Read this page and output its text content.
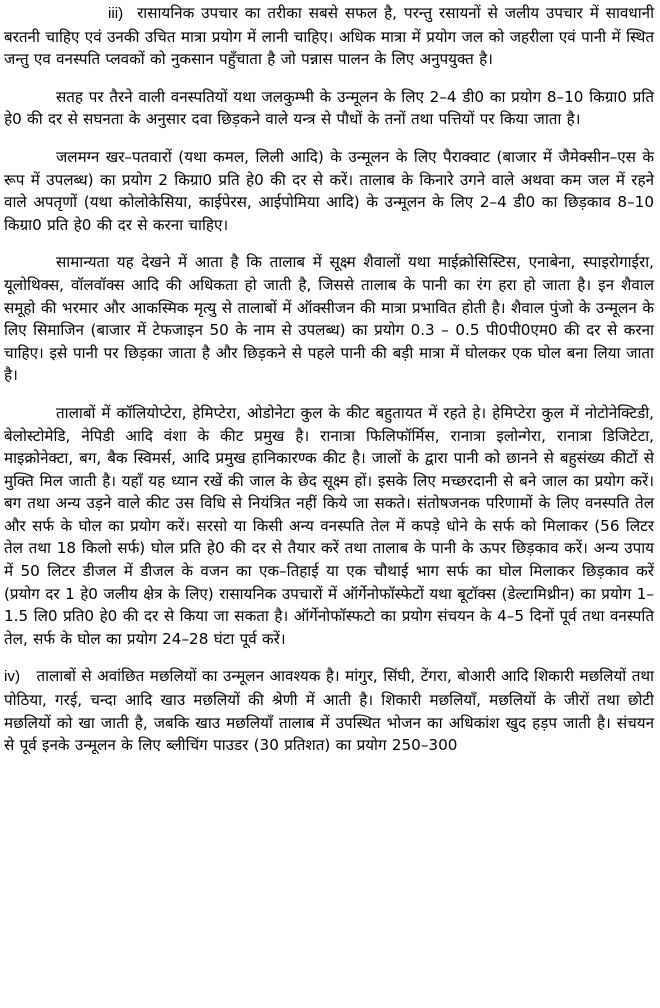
iii) रासायनिक उपचार का तरीका सबसे सफल है, परन्तु रसायनों से जलीय उपचार में सावधानी बरतनी चाहिए एवं उनकी उचित मात्रा प्रयोग में लानी चाहिए। अधिक मात्रा में प्रयोग जल को जहरीला एवं पानी में स्थित जन्तु एव वनस्पति प्लवकों को नुकसान पहुँचाता है जो पन्नास पालन के लिए अनुपयुक्त है।

सतह पर तैरने वाली वनस्पतियों यथा जलकुम्भी के उन्मूलन के लिए 2–4 डी0 का प्रयोग 8–10 किग्रा0 प्रति हे0 की दर से सघनता के अनुसार दवा छिड़कने वाले यन्त्र से पौधों के तनों तथा पत्तियों पर किया जाता है।

जलमग्न खर–पतवारों (यथा कमल, लिली आदि) के उन्मूलन के लिए पैराक्वाट (बाजार में जैमेक्सीन–एस के रूप में उपलब्ध) का प्रयोग 2 किग्रा0 प्रति हे0 की दर से करें। तालाब के किनारे उगने वाले अथवा कम जल में रहने वाले अपतृणों (यथा कोलोकेसिया, काईपेरस, आईपोमिया आदि) के उन्मूलन के लिए 2–4 डी0 का छिड़काव 8–10 किग्रा0 प्रति हे0 की दर से करना चाहिए।

सामान्यता यह देखने में आता है कि तालाब में सूक्ष्म शैवालों यथा माईक्रोसिस्टिस, एनाबेना, स्पाइरोगाईरा, यूलोथिक्स, वॉलवॉक्स आदि की अधिकता हो जाती है, जिससे तालाब के पानी का रंग हरा हो जाता है। इन शैवाल समूहो की भरमार और आकस्मिक मृत्यु से तालाबों में ऑक्सीजन की मात्रा प्रभावित होती है। शैवाल पुंजो के उन्मूलन के लिए सिमाजिन (बाजार में टेफजाइन 50 के नाम से उपलब्ध) का प्रयोग 0.3 – 0.5 पी0पी0एम0 की दर से करना चाहिए। इसे पानी पर छिड़का जाता है और छिड़कने से पहले पानी की बड़ी मात्रा में घोलकर एक घोल बना लिया जाता है।

तालाबों में कॉलियोप्टेरा, हेमिप्टेरा, ओडोनेटा कुल के कीट बहुतायत में रहते हे। हेमिप्टेरा कुल में नोटोनेक्टिडी, बेलोस्टोमेडि, नेपिडी आदि वंशा के कीट प्रमुख है। रानात्रा फिलिफॉर्मिस, रानात्रा इलोन्गेरा, रानात्रा डिजिटेटा, माइक्रोनेक्टा, बग, बैक स्विमर्स, आदि प्रमुख हानिकारण्क कीट है। जालों के द्वारा पानी को छानने से बहुसंख्य कीटों से मुक्ति मिल जाती है। यहाँ यह ध्यान रखें की जाल के छेद सूक्ष्म हों। इसके लिए मच्छरदानी से बने जाल का प्रयोग करें। बग तथा अन्य उड़ने वाले कीट उस विधि से नियंत्रित नहीं किये जा सकते। संतोषजनक परिणामों के लिए वनस्पति तेल और सर्फ के घोल का प्रयोग करें। सरसो या किसी अन्य वनस्पति तेल में कपड़े धोने के सर्फ को मिलाकर (56 लिटर तेल तथा 18 किलो सर्फ) घोल प्रति हे0 की दर से तैयार करें तथा तालाब के पानी के ऊपर छिड़काव करें। अन्य उपाय में 50 लिटर डीजल में डीजल के वजन का एक–तिहाई या एक चौथाई भाग सर्फ का घोल मिलाकर छिड़काव करें (प्रयोग दर 1 हे0 जलीय क्षेत्र के लिए) रासायनिक उपचारों में ऑर्गेनोफॉस्फेटों यथा बूटॉक्स (डेल्टामिथ्रीन) का प्रयोग 1–1.5 लि0 प्रति0 हे0 की दर से किया जा सकता है। ऑर्गेनोफॉस्फटो का प्रयोग संचयन के 4–5 दिनों पूर्व तथा वनस्पति तेल, सर्फ के घोल का प्रयोग 24–28 घंटा पूर्व करें।

iv) तालाबों से अवांछित मछलियों का उन्मूलन आवश्यक है। मांगुर, सिंघी, टेंगरा, बोआरी आदि शिकारी मछलियों तथा पोठिया, गरई, चन्दा आदि खाउ मछलियों की श्रेणी में आती है। शिकारी मछलियाँ, मछलियों के जीरों तथा छोटी मछलियों को खा जाती है, जबकि खाउ मछलियाँ तालाब में उपस्थित भोजन का अधिकांश खुद हड़प जाती है। संचयन से पूर्व इनके उन्मूलन के लिए ब्लीचिंग पाउडर (30 प्रतिशत) का प्रयोग 250–300
